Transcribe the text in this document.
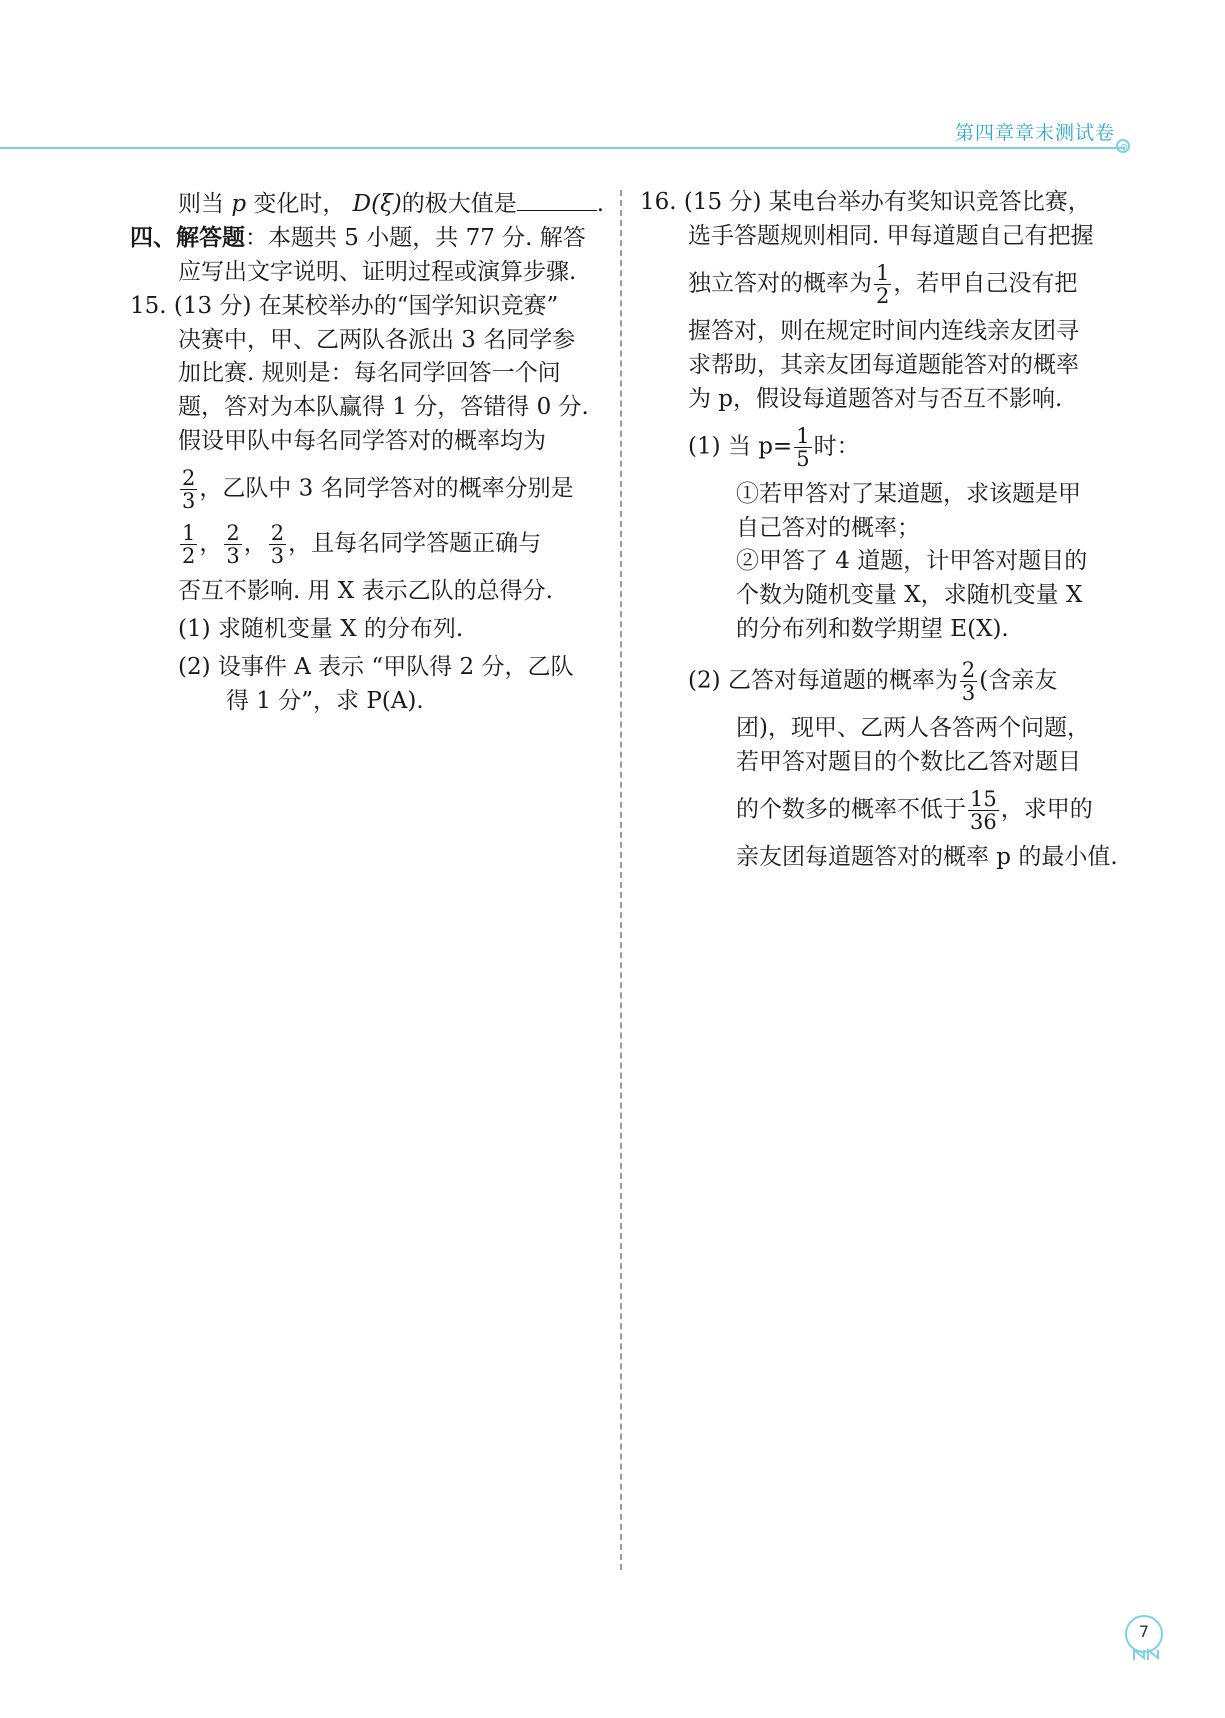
第四章章末测试卷
则当 p 变化时， D(ξ)的极大值是	.
四、解答题：本题共 5 小题，共 77 分. 解答
应写出文字说明、证明过程或演算步骤.
15. (13 分) 在某校举办的“国学知识竞赛”
决赛中，甲、乙两队各派出 3 名同学参
加比赛. 规则是：每名同学回答一个问
题，答对为本队赢得 1 分，答错得 0 分.
假设甲队中每名同学答对的概率均为
$\frac{2}{3}$ ，乙队中 3 名同学答对的概率分别是
$\frac{1}{2}$ ， $\frac{2}{3}$ ， $\frac{2}{3}$ ，且每名同学答题正确与
否互不影响. 用 X 表示乙队的总得分.
(1) 求随机变量 X 的分布列.
(2) 设事件 A 表示 “甲队得 2 分，乙队
得 1 分”，求 P(A).
16. (15 分) 某电台举办有奖知识竞答比赛，
选手答题规则相同. 甲每道题自己有把握
独立答对的概率为 $\frac{1}{2}$ ，若甲自己没有把
握答对，则在规定时间内连线亲友团寻
求帮助，其亲友团每道题能答对的概率
为 p，假设每道题答对与否互不影响.
(1) 当 $p= \frac{1}{5}$ 时：
①若甲答对了某道题，求该题是甲
自己答对的概率；
②甲答了 4 道题，计甲答对题目的
个数为随机变量 X，求随机变量 X
的分布列和数学期望 E(X).
(2) 乙答对每道题的概率为 $\frac{2}{3}$ (含亲友
团)，现甲、乙两人各答两个问题，
若甲答对题目的个数比乙答对题目
的个数多的概率不低于 $\frac{15}{36}$ ，求甲的
亲友团每道题答对的概率 p 的最小值.
7
